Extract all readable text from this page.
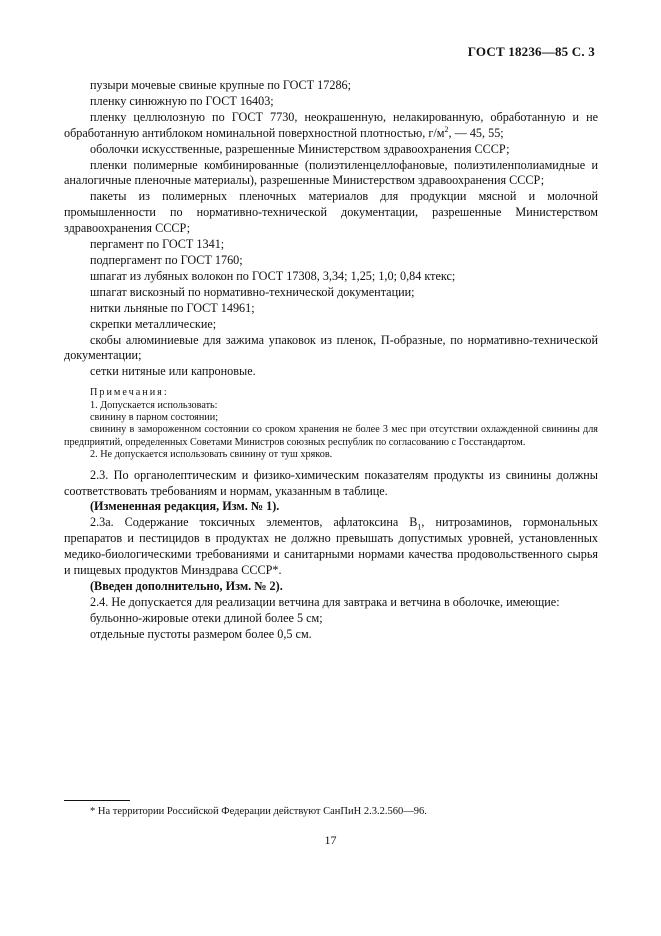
ГОСТ 18236—85 С. 3

пузыри мочевые свиные крупные по ГОСТ 17286;

пленку синюжную по ГОСТ 16403;

пленку целлюлозную по ГОСТ 7730, неокрашенную, нелакированную, обработанную и не обработанную антиблоком номинальной поверхностной плотностью, $г/м^2$, — 45, 55;

оболочки искусственные, разрешенные Министерством здравоохранения СССР;

пленки полимерные комбинированные (полиэтиленцеллофановые, полиэтиленполиамидные и аналогичные пленочные материалы), разрешенные Министерством здравоохранения СССР;

пакеты из полимерных пленочных материалов для продукции мясной и молочной промышленности по нормативно-технической документации, разрешенные Министерством здравоохранения СССР;

пергамент по ГОСТ 1341;

подпергамент по ГОСТ 1760;

шпагат из лубяных волокон по ГОСТ 17308, 3,34; 1,25; 1,0; 0,84 ктекс;

шпагат вискозный по нормативно-технической документации;

нитки льняные по ГОСТ 14961;

скрепки металлические;

скобы алюминиевые для зажима упаковок из пленок, П-образные, по нормативно-технической документации;

сетки нитяные или капроновые.

Примечания:

1. Допускается использовать:

свинину в парном состоянии;

свинину в замороженном состоянии со сроком хранения не более 3 мес при отсутствии охлажденной свинины для предприятий, определенных Советами Министров союзных республик по согласованию с Госстандартом.

2. Не допускается использовать свинину от туш хряков.

2.3. По органолептическим и физико-химическим показателям продукты из свинины должны соответствовать требованиям и нормам, указанным в таблице.

(Измененная редакция, Изм. № 1).

2.3а. Содержание токсичных элементов, афлатоксина $B_1$, нитрозаминов, гормональных препаратов и пестицидов в продуктах не должно превышать допустимых уровней, установленных медико-биологическими требованиями и санитарными нормами качества продовольственного сырья и пищевых продуктов Минздрава СССР*.

(Введен дополнительно, Изм. № 2).

2.4. Не допускается для реализации ветчина для завтрака и ветчина в оболочке, имеющие:

бульонно-жировые отеки длиной более 5 см;

отдельные пустоты размером более 0,5 см.

* На территории Российской Федерации действуют СанПиН 2.3.2.560—96.
17
